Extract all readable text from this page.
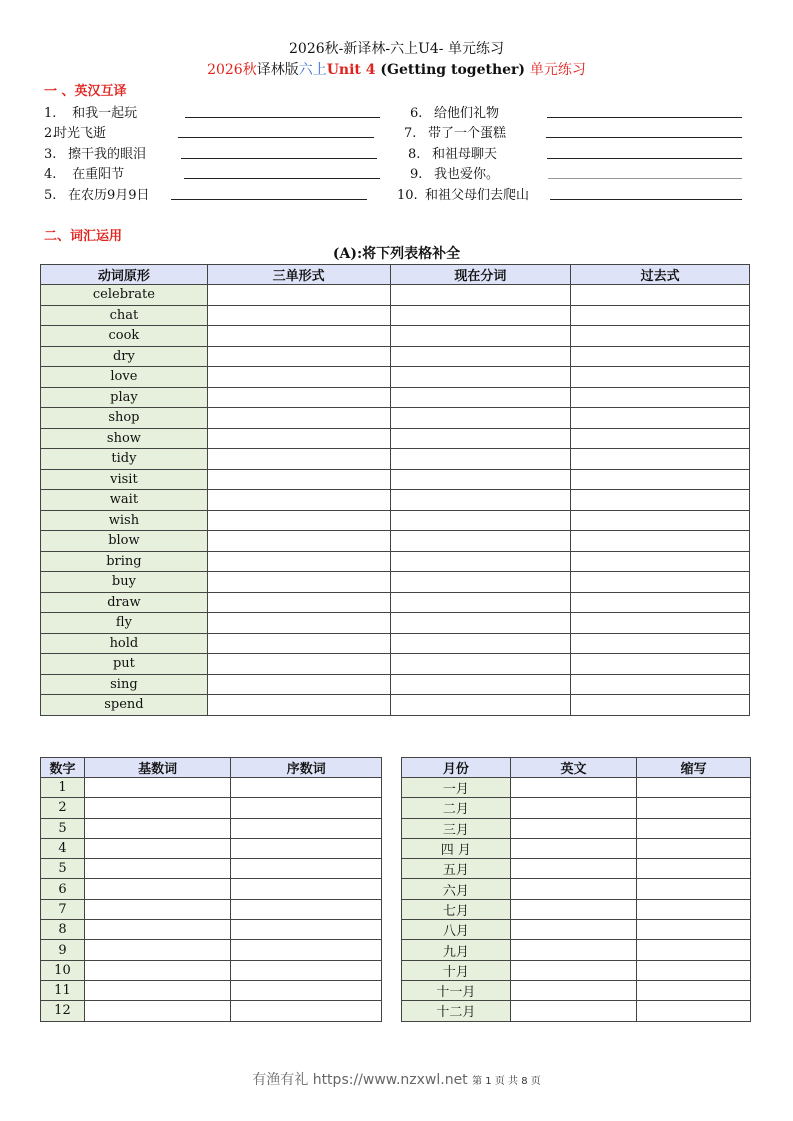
2026秋-新译林-六上U4- 单元练习
2026秋译林版六上Unit 4 (Getting together) 单元练习
一 、英汉互译
1. 和我一起玩
2.时光飞逝
3. 擦干我的眼泪
4. 在重阳节
5. 在农历9月9日
6. 给他们礼物
7. 带了一个蛋糕
8. 和祖母聊天
9. 我也爱你。
10. 和祖父母们去爬山
二、词汇运用
(A):将下列表格补全
动词原形	三单形式	现在分词	过去式
celebrate			
chat			
cook			
dry			
love			
play			
shop			
show			
tidy			
visit			
wait			
wish			
blow			
bring			
buy			
draw			
fly			
hold			
put			
sing			
spend			
数字	基数词	序数词
1		
2		
5		
4		
5		
6		
7		
8		
9		
10		
11		
12		
月份	英文	缩写
一月		
二月		
三月		
四 月		
五月		
六月		
七月		
八月		
九月		
十月		
十一月		
十二月		
有渔有礼 https://www.nzxwl.net 第 1 页 共 8 页
